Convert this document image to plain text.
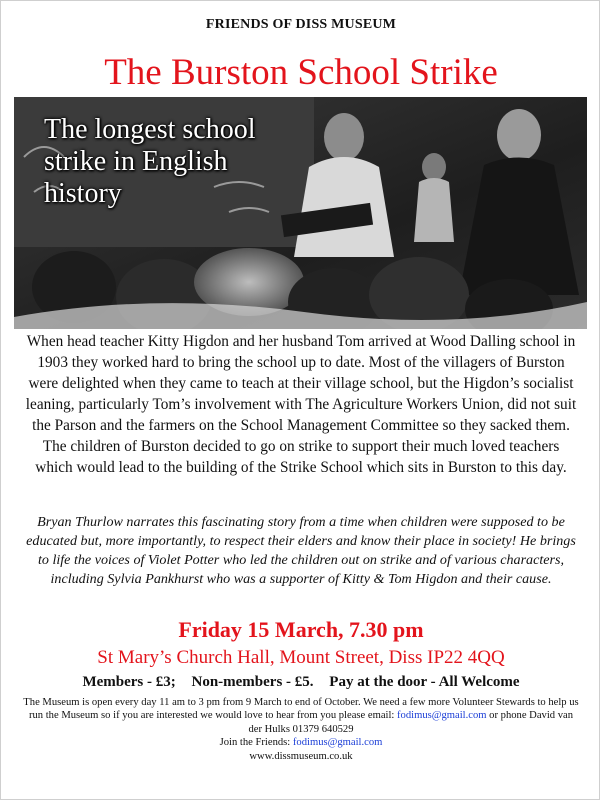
FRIENDS OF DISS MUSEUM
The Burston School Strike
The longest school strike in English history
When head teacher Kitty Higdon and her husband Tom arrived at Wood Dalling school in 1903 they worked hard to bring the school up to date. Most of the villagers of Burston were delighted when they came to teach at their village school, but the Higdon’s socialist leaning, particularly Tom’s involvement with The Agriculture Workers Union, did not suit the Parson and the farmers on the School Management Committee so they sacked them. The children of Burston decided to go on strike to support their much loved teachers which would lead to the building of the Strike School which sits in Burston to this day.
Bryan Thurlow narrates this fascinating story from a time when children were supposed to be educated but, more importantly, to respect their elders and know their place in society! He brings to life the voices of Violet Potter who led the children out on strike and of various characters, including Sylvia Pankhurst who was a supporter of Kitty & Tom Higdon and their cause.
Friday 15 March, 7.30 pm
St Mary’s Church Hall, Mount Street, Diss IP22 4QQ
Members - £3; Non-members - £5. Pay at the door - All Welcome
The Museum is open every day 11 am to 3 pm from 9 March to end of October. We need a few more Volunteer Stewards to help us run the Museum so if you are interested we would love to hear from you please email: fodimus@gmail.com or phone David van der Hulks 01379 640529
Join the Friends: fodimus@gmail.com
www.dissmuseum.co.uk
